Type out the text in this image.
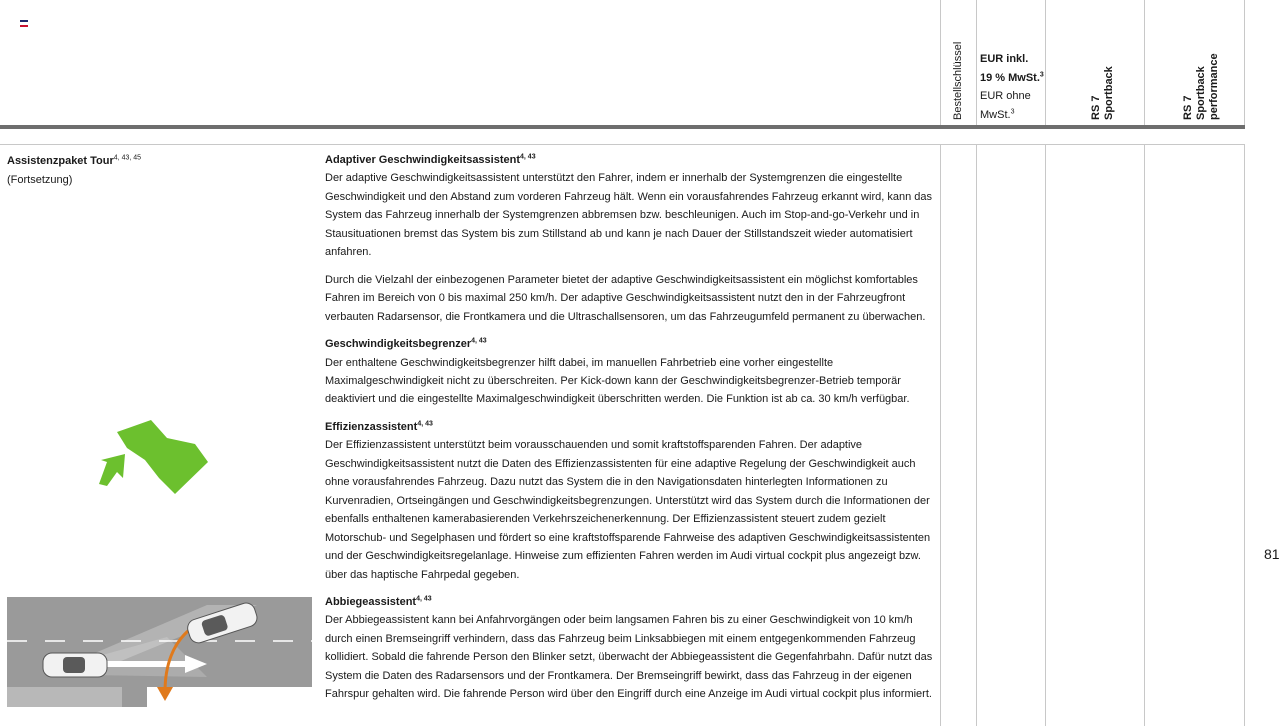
Bestellschlüssel EUR inkl.
19 % MwSt.$^3$
EUR ohne
MwSt.$^3$	RS 7 Sportback	RS 7 Sportback
performance
Assistenzpaket Tour$^{4, 43, 45}$
(Fortsetzung)
Adaptiver Geschwindigkeitsassistent$^{4, 43}$

Der adaptive Geschwindigkeitsassistent unterstützt den Fahrer, indem er innerhalb der Systemgrenzen die eingestellte Geschwindigkeit und den Abstand zum vorderen Fahrzeug hält. Wenn ein vorausfahrendes Fahrzeug erkannt wird, kann das System das Fahrzeug innerhalb der Systemgrenzen abbremsen bzw. beschleunigen. Auch im Stop-and-go-Verkehr und in Stausituationen bremst das System bis zum Stillstand ab und kann je nach Dauer der Stillstandszeit wieder automatisiert anfahren.

Durch die Vielzahl der einbezogenen Parameter bietet der adaptive Geschwindigkeitsassistent ein möglichst komfortables Fahren im Bereich von 0 bis maximal 250 km/h. Der adaptive Geschwindigkeitsassistent nutzt den in der Fahrzeugfront verbauten Radarsensor, die Frontkamera und die Ultraschallsensoren, um das Fahrzeugumfeld permanent zu überwachen.

Geschwindigkeitsbegrenzer$^{4, 43}$

Der enthaltene Geschwindigkeitsbegrenzer hilft dabei, im manuellen Fahrbetrieb eine vorher eingestellte Maximalgeschwindigkeit nicht zu überschreiten. Per Kick-down kann der Geschwindigkeitsbegrenzer-Betrieb temporär deaktiviert und die eingestellte Maximalgeschwindigkeit überschritten werden. Die Funktion ist ab ca. 30 km/h verfügbar.

Effizienzassistent$^{4, 43}$

Der Effizienzassistent unterstützt beim vorausschauenden und somit kraftstoffsparenden Fahren. Der adaptive Geschwindigkeitsassistent nutzt die Daten des Effizienzassistenten für eine adaptive Regelung der Geschwindigkeit auch ohne vorausfahrendes Fahrzeug. Dazu nutzt das System die in den Navigationsdaten hinterlegten Informationen zu Kurvenradien, Ortseingängen und Geschwindigkeitsbegrenzungen. Unterstützt wird das System durch die Informationen der ebenfalls enthaltenen kamerabasierenden Verkehrszeichenerkennung. Der Effizienzassistent steuert zudem gezielt Motorschub- und Segelphasen und fördert so eine kraftstoffsparende Fahrweise des adaptiven Geschwindigkeitsassistenten und der Geschwindigkeitsregelanlage. Hinweise zum effizienten Fahren werden im Audi virtual cockpit plus angezeigt bzw. über das haptische Fahrpedal gegeben.

Abbiegeassistent$^{4, 43}$

Der Abbiegeassistent kann bei Anfahrvorgängen oder beim langsamen Fahren bis zu einer Geschwindigkeit von 10 km/h durch einen Bremseingriff verhindern, dass das Fahrzeug beim Linksabbiegen mit einem entgegenkommenden Fahrzeug kollidiert. Sobald die fahrende Person den Blinker setzt, überwacht der Abbiegeassistent die Gegenfahrbahn. Dafür nutzt das System die Daten des Radarsensors und der Frontkamera. Der Bremseingriff bewirkt, dass das Fahrzeug in der eigenen Fahrspur gehalten wird. Die fahrende Person wird über den Eingriff durch eine Anzeige im Audi virtual cockpit plus informiert.

81
